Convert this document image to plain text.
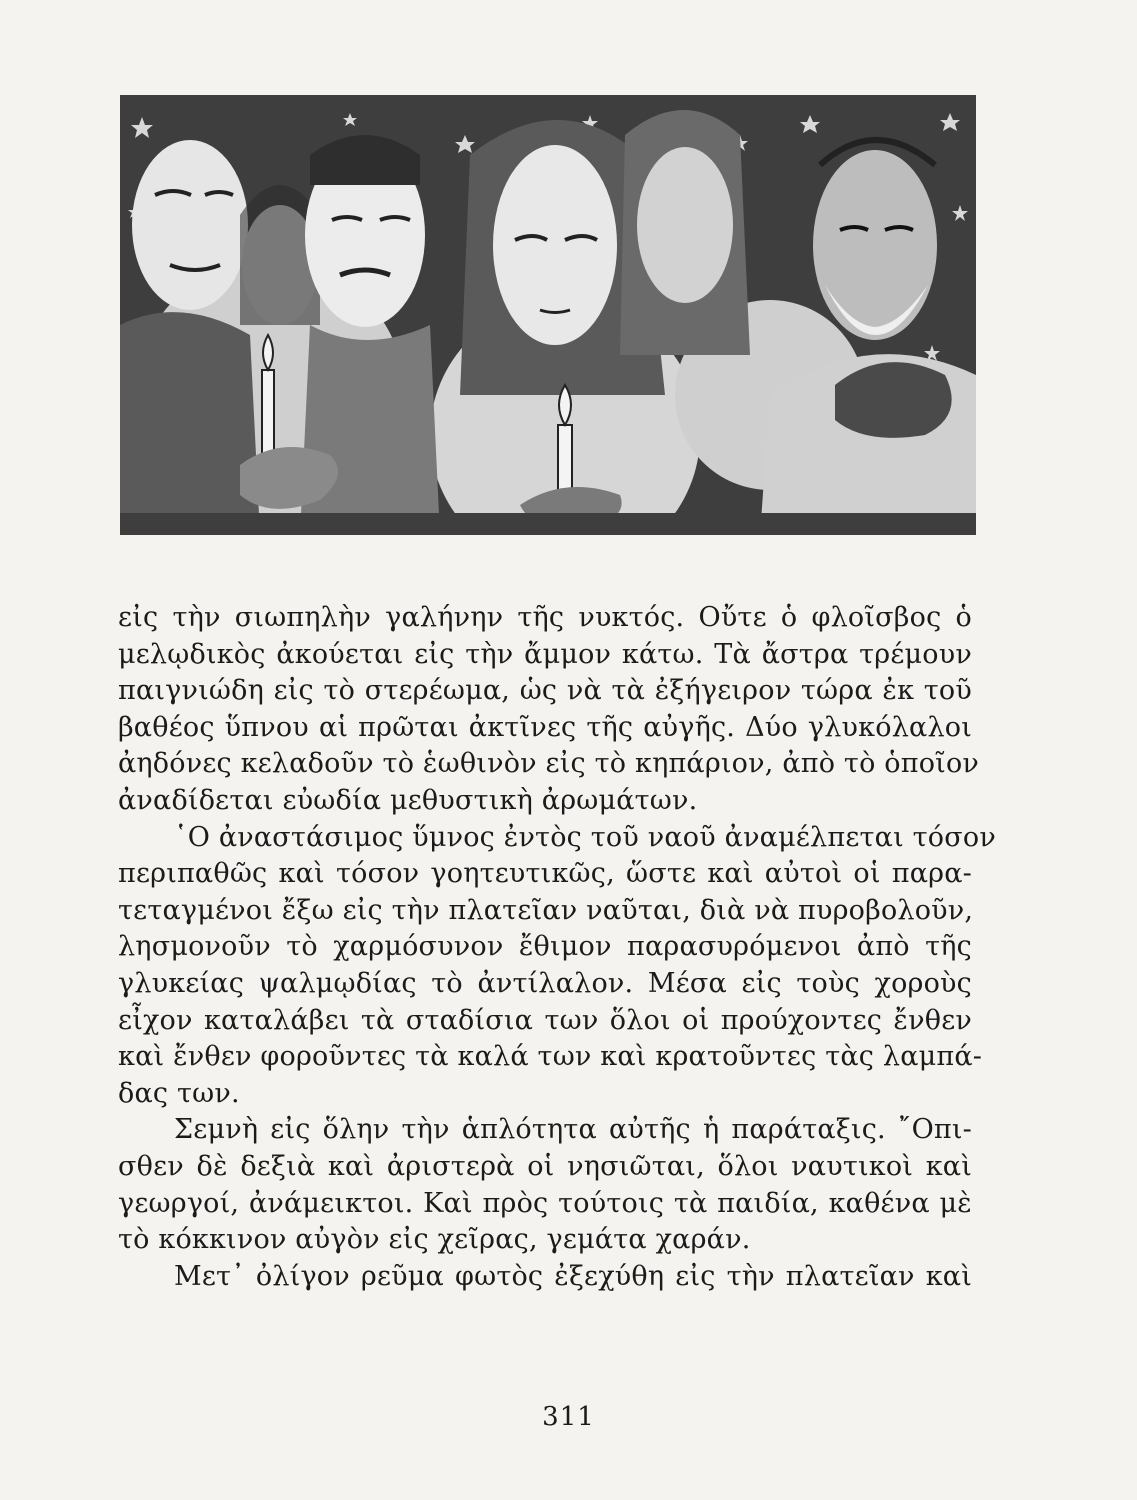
εἰς τὴν σιωπηλὴν γαλήνην τῆς νυκτός. Οὔτε ὁ φλοῖσβος ὁ
μελῳδικὸς ἀκούεται εἰς τὴν ἄμμον κάτω. Τὰ ἄστρα τρέμουν
παιγνιώδη εἰς τὸ στερέωμα, ὡς νὰ τὰ ἐξήγειρον τώρα ἐκ τοῦ
βαθέος ὕπνου αἱ πρῶται ἀκτῖνες τῆς αὐγῆς. Δύο γλυκόλαλοι
ἀηδόνες κελαδοῦν τὸ ἑωθινὸν εἰς τὸ κηπάριον, ἀπὸ τὸ ὁποῖον
ἀναδίδεται εὐωδία μεθυστικὴ ἀρωμάτων.
῾Ο ἀναστάσιμος ὕμνος ἐντὸς τοῦ ναοῦ ἀναμέλπεται τόσον
περιπαθῶς καὶ τόσον γοητευτικῶς, ὥστε καὶ αὐτοὶ οἱ παρα-
τεταγμένοι ἔξω εἰς τὴν πλατεῖαν ναῦται, διὰ νὰ πυροβολοῦν,
λησμονοῦν τὸ χαρμόσυνον ἔθιμον παρασυρόμενοι ἀπὸ τῆς
γλυκείας ψαλμῳδίας τὸ ἀντίλαλον. Μέσα εἰς τοὺς χοροὺς
εἶχον καταλάβει τὰ σταδίσια των ὅλοι οἱ προύχοντες ἔνθεν
καὶ ἔνθεν φοροῦντες τὰ καλά των καὶ κρατοῦντες τὰς λαμπά-
δας των.
Σεμνὴ εἰς ὅλην τὴν ἁπλότητα αὐτῆς ἡ παράταξις. ῎Οπι-
σθεν δὲ δεξιὰ καὶ ἀριστερὰ οἱ νησιῶται, ὅλοι ναυτικοὶ καὶ
γεωργοί, ἀνάμεικτοι. Καὶ πρὸς τούτοις τὰ παιδία, καθένα μὲ
τὸ κόκκινον αὐγὸν εἰς χεῖρας, γεμάτα χαράν.
Μετ᾿ ὀλίγον ρεῦμα φωτὸς ἐξεχύθη εἰς τὴν πλατεῖαν καὶ
311
